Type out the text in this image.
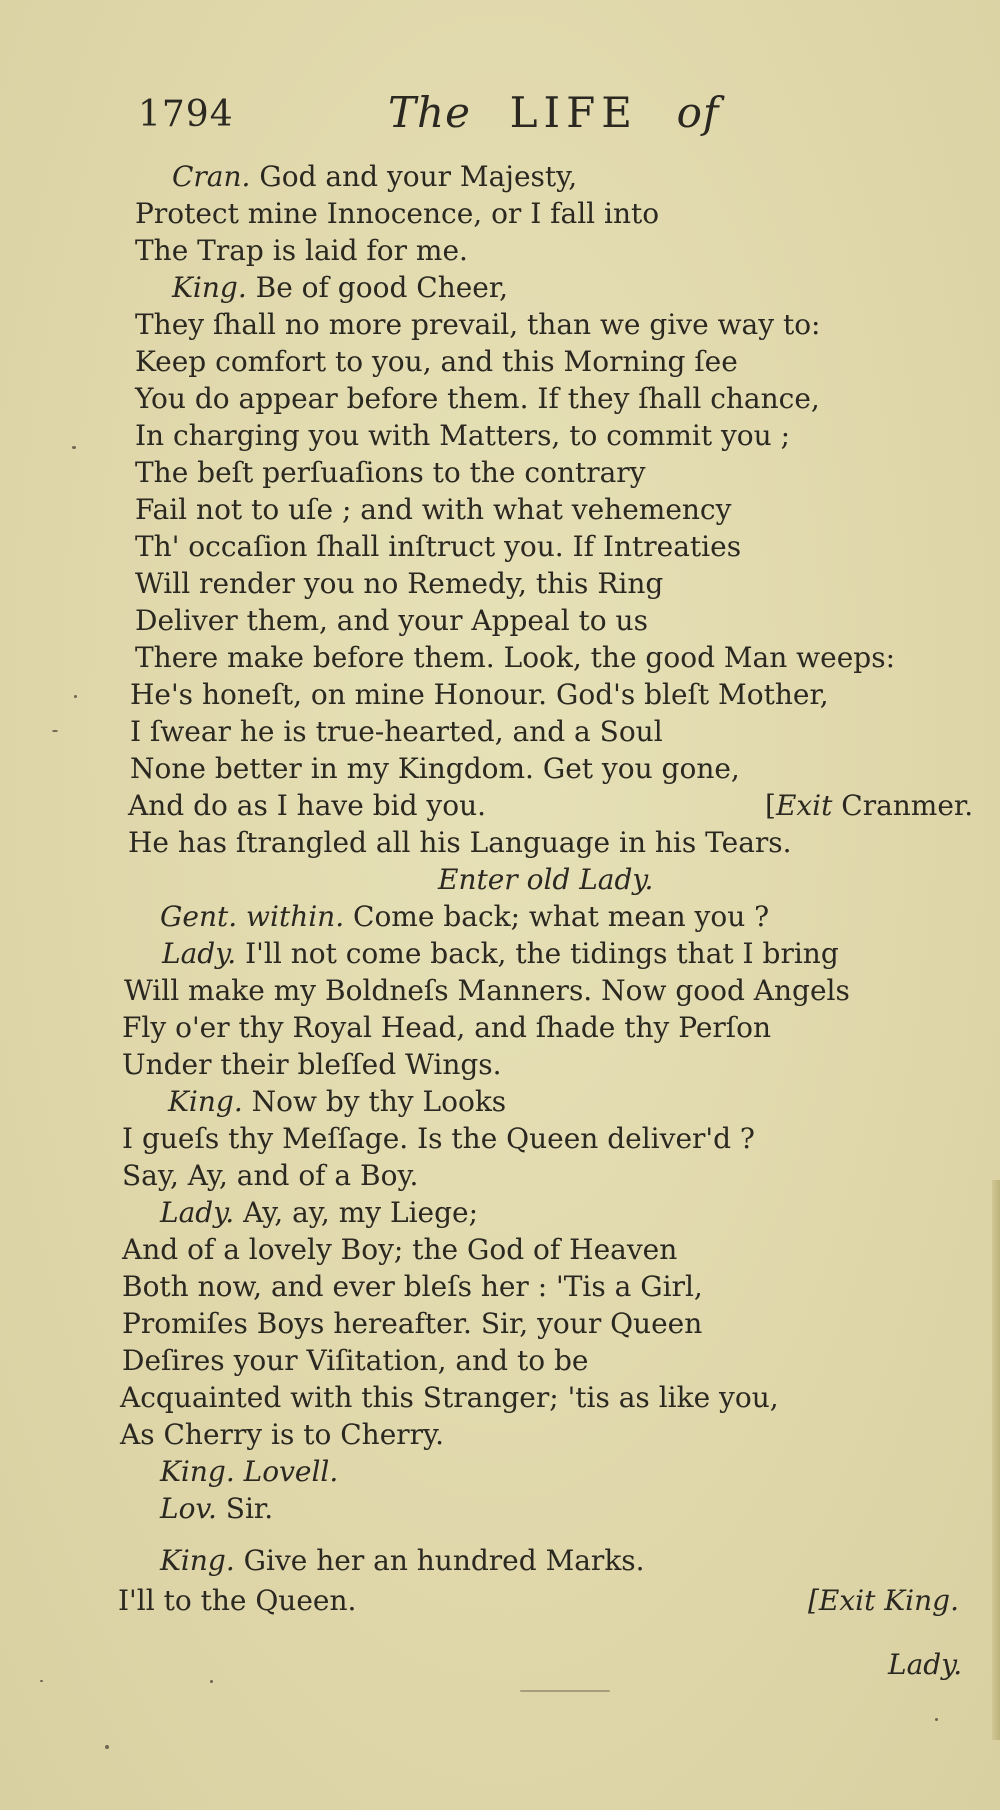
1794	The LIFE of
Cran. God and your Majesty,
Protect mine Innocence, or I fall into
The Trap is laid for me.
King. Be of good Cheer,
They ſhall no more prevail, than we give way to:
Keep comfort to you, and this Morning ſee
You do appear before them. If they ſhall chance,
In charging you with Matters, to commit you ;
The beſt perſuaſions to the contrary
Fail not to uſe ; and with what vehemency
Th' occaſion ſhall inſtruct you. If Intreaties
Will render you no Remedy, this Ring
Deliver them, and your Appeal to us
There make before them. Look, the good Man weeps:
He's honeſt, on mine Honour. God's bleſt Mother,
I ſwear he is true-hearted, and a Soul
None better in my Kingdom. Get you gone,
And do as I have bid you.	[Exit Cranmer.
He has ſtrangled all his Language in his Tears.
Enter old Lady.
Gent. within. Come back; what mean you ?
Lady. I'll not come back, the tidings that I bring
Will make my Boldneſs Manners. Now good Angels
Fly o'er thy Royal Head, and ſhade thy Perſon
Under their bleſſed Wings.
King. Now by thy Looks
I gueſs thy Meſſage. Is the Queen deliver'd ?
Say, Ay, and of a Boy.
Lady. Ay, ay, my Liege;
And of a lovely Boy; the God of Heaven
Both now, and ever bleſs her : 'Tis a Girl,
Promiſes Boys hereafter. Sir, your Queen
Deſires your Viſitation, and to be
Acquainted with this Stranger; 'tis as like you,
As Cherry is to Cherry.
King. Lovell.
Lov. Sir.
King. Give her an hundred Marks.
I'll to the Queen.	[Exit King.
Lady.
